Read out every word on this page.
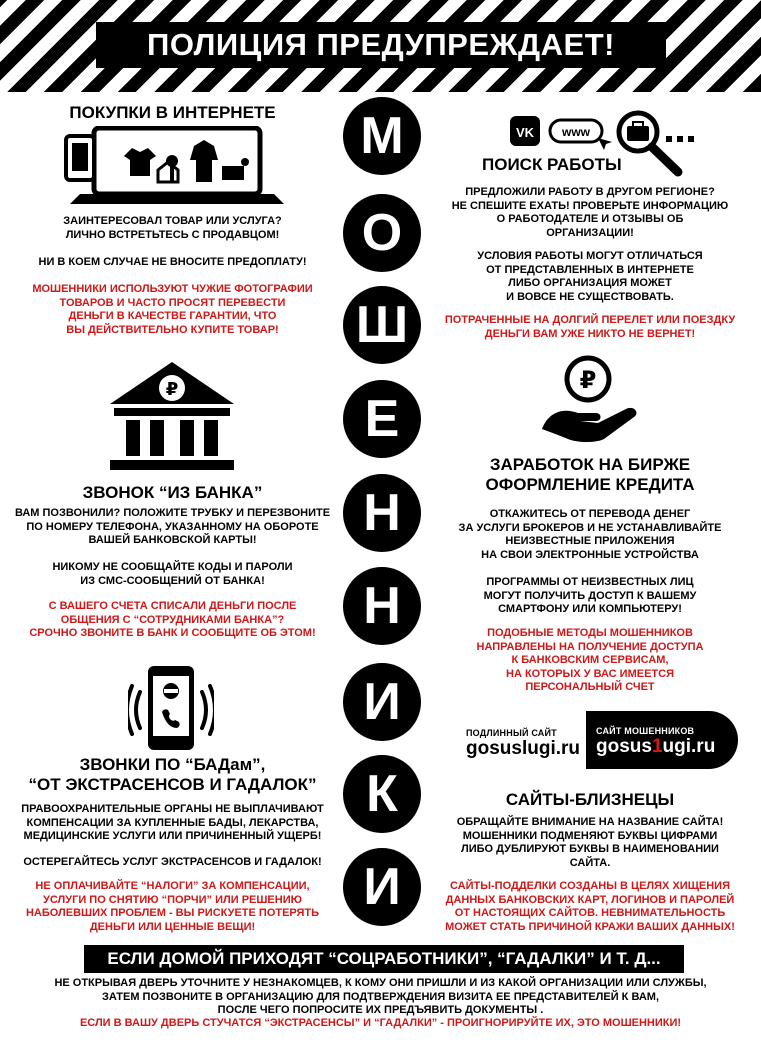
ПОЛИЦИЯ ПРЕДУПРЕЖДАЕТ!
М
О
Ш
Е
Н
Н
И
К
И
ПОКУПКИ В ИНТЕРНЕТЕ
ЗАИНТЕРЕСОВАЛ ТОВАР ИЛИ УСЛУГА?
ЛИЧНО ВСТРЕТЬТЕСЬ С ПРОДАВЦОМ!
НИ В КОЕМ СЛУЧАЕ НЕ ВНОСИТЕ ПРЕДОПЛАТУ!
МОШЕННИКИ ИСПОЛЬЗУЮТ ЧУЖИЕ ФОТОГРАФИИ
ТОВАРОВ И ЧАСТО ПРОСЯТ ПЕРЕВЕСТИ
ДЕНЬГИ В КАЧЕСТВЕ ГАРАНТИИ, ЧТО
ВЫ ДЕЙСТВИТЕЛЬНО КУПИТЕ ТОВАР!
VK www
ПОИСК РАБОТЫ
ПРЕДЛОЖИЛИ РАБОТУ В ДРУГОМ РЕГИОНЕ?
НЕ СПЕШИТЕ ЕХАТЬ! ПРОВЕРЬТЕ ИНФОРМАЦИЮ
О РАБОТОДАТЕЛЕ И ОТЗЫВЫ ОБ
ОРГАНИЗАЦИИ!
УСЛОВИЯ РАБОТЫ МОГУТ ОТЛИЧАТЬСЯ
ОТ ПРЕДСТАВЛЕННЫХ В ИНТЕРНЕТЕ
ЛИБО ОРГАНИЗАЦИЯ МОЖЕТ
И ВОВСЕ НЕ СУЩЕСТВОВАТЬ.
ПОТРАЧЕННЫЕ НА ДОЛГИЙ ПЕРЕЛЕТ ИЛИ ПОЕЗДКУ
ДЕНЬГИ ВАМ УЖЕ НИКТО НЕ ВЕРНЕТ!
₽
ЗВОНОК “ИЗ БАНКА”
ВАМ ПОЗВОНИЛИ? ПОЛОЖИТЕ ТРУБКУ И ПЕРЕЗВОНИТЕ
ПО НОМЕРУ ТЕЛЕФОНА, УКАЗАННОМУ НА ОБОРОТЕ
ВАШЕЙ БАНКОВСКОЙ КАРТЫ!
НИКОМУ НЕ СООБЩАЙТЕ КОДЫ И ПАРОЛИ
ИЗ СМС-СООБЩЕНИЙ ОТ БАНКА!
С ВАШЕГО СЧЕТА СПИСАЛИ ДЕНЬГИ ПОСЛЕ
ОБЩЕНИЯ С “СОТРУДНИКАМИ БАНКА”?
СРОЧНО ЗВОНИТЕ В БАНК И СООБЩИТЕ ОБ ЭТОМ!
₽
ЗАРАБОТОК НА БИРЖЕ
ОФОРМЛЕНИЕ КРЕДИТА
ОТКАЖИТЕСЬ ОТ ПЕРЕВОДА ДЕНЕГ
ЗА УСЛУГИ БРОКЕРОВ И НЕ УСТАНАВЛИВАЙТЕ
НЕИЗВЕСТНЫЕ ПРИЛОЖЕНИЯ
НА СВОИ ЭЛЕКТРОННЫЕ УСТРОЙСТВА
ПРОГРАММЫ ОТ НЕИЗВЕСТНЫХ ЛИЦ
МОГУТ ПОЛУЧИТЬ ДОСТУП К ВАШЕМУ
СМАРТФОНУ ИЛИ КОМПЬЮТЕРУ!
ПОДОБНЫЕ МЕТОДЫ МОШЕННИКОВ
НАПРАВЛЕНЫ НА ПОЛУЧЕНИЕ ДОСТУПА
К БАНКОВСКИМ СЕРВИСАМ,
НА КОТОРЫХ У ВАС ИМЕЕТСЯ
ПЕРСОНАЛЬНЫЙ СЧЕТ
ЗВОНКИ ПО “БАДам”,
“ОТ ЭКСТРАСЕНСОВ И ГАДАЛОК”
ПРАВООХРАНИТЕЛЬНЫЕ ОРГАНЫ НЕ ВЫПЛАЧИВАЮТ
КОМПЕНСАЦИИ ЗА КУПЛЕННЫЕ БАДЫ, ЛЕКАРСТВА,
МЕДИЦИНСКИЕ УСЛУГИ ИЛИ ПРИЧИНЕННЫЙ УЩЕРБ!
ОСТЕРЕГАЙТЕСЬ УСЛУГ ЭКСТРАСЕНСОВ И ГАДАЛОК!
НЕ ОПЛАЧИВАЙТЕ “НАЛОГИ” ЗА КОМПЕНСАЦИИ,
УСЛУГИ ПО СНЯТИЮ “ПОРЧИ” ИЛИ РЕШЕНИЮ
НАБОЛЕВШИХ ПРОБЛЕМ - ВЫ РИСКУЕТЕ ПОТЕРЯТЬ
ДЕНЬГИ ИЛИ ЦЕННЫЕ ВЕЩИ!
ПОДЛИННЫЙ САЙТ
gosuslugi.ru
САЙТ МОШЕННИКОВ
gosus1ugi.ru
САЙТЫ-БЛИЗНЕЦЫ
ОБРАЩАЙТЕ ВНИМАНИЕ НА НАЗВАНИЕ САЙТА!
МОШЕННИКИ ПОДМЕНЯЮТ БУКВЫ ЦИФРАМИ
ЛИБО ДУБЛИРУЮТ БУКВЫ В НАИМЕНОВАНИИ
САЙТА.
САЙТЫ-ПОДДЕЛКИ СОЗДАНЫ В ЦЕЛЯХ ХИЩЕНИЯ
ДАННЫХ БАНКОВСКИХ КАРТ, ЛОГИНОВ И ПАРОЛЕЙ
ОТ НАСТОЯЩИХ САЙТОВ. НЕВНИМАТЕЛЬНОСТЬ
МОЖЕТ СТАТЬ ПРИЧИНОЙ КРАЖИ ВАШИХ ДАННЫХ!
ЕСЛИ ДОМОЙ ПРИХОДЯТ “СОЦРАБОТНИКИ”, “ГАДАЛКИ” И Т. Д...
НЕ ОТКРЫВАЯ ДВЕРЬ УТОЧНИТЕ У НЕЗНАКОМЦЕВ, К КОМУ ОНИ ПРИШЛИ И ИЗ КАКОЙ ОРГАНИЗАЦИИ ИЛИ СЛУЖБЫ,
ЗАТЕМ ПОЗВОНИТЕ В ОРГАНИЗАЦИЮ ДЛЯ ПОДТВЕРЖДЕНИЯ ВИЗИТА ЕЕ ПРЕДСТАВИТЕЛЕЙ К ВАМ,
ПОСЛЕ ЧЕГО ПОПРОСИТЕ ИХ ПРЕДЪЯВИТЬ ДОКУМЕНТЫ .
ЕСЛИ В ВАШУ ДВЕРЬ СТУЧАТСЯ “ЭКСТРАСЕНСЫ” И “ГАДАЛКИ” - ПРОИГНОРИРУЙТЕ ИХ, ЭТО МОШЕННИКИ!
